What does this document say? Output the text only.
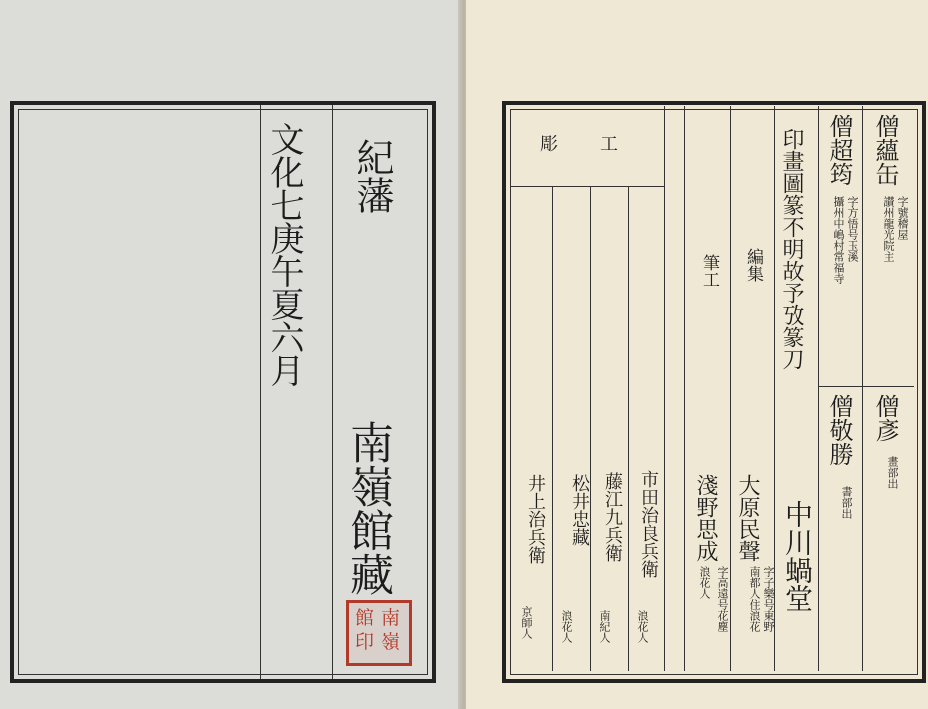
紀藩
文化七庚午夏六月
南嶺館藏
南
嶺
館
印
僧蘊缶
字號稽屋
讃州龍光院主
僧彥
畫部出
僧超筠
字方悟号玉溪
攝州中嶋村常福寺
僧敬勝
書部出
印畫圖篆不明故予攷篆刀
中川蝸堂
編集
大原民聲
字子樂号東野
南都人住浪花
筆工
淺野思成
字高遠号花塵
浪花人
彫　　工
市田治良兵衛
浪花人
藤江九兵衛
南紀人
松井忠藏
浪花人
井上治兵衛
京師人
